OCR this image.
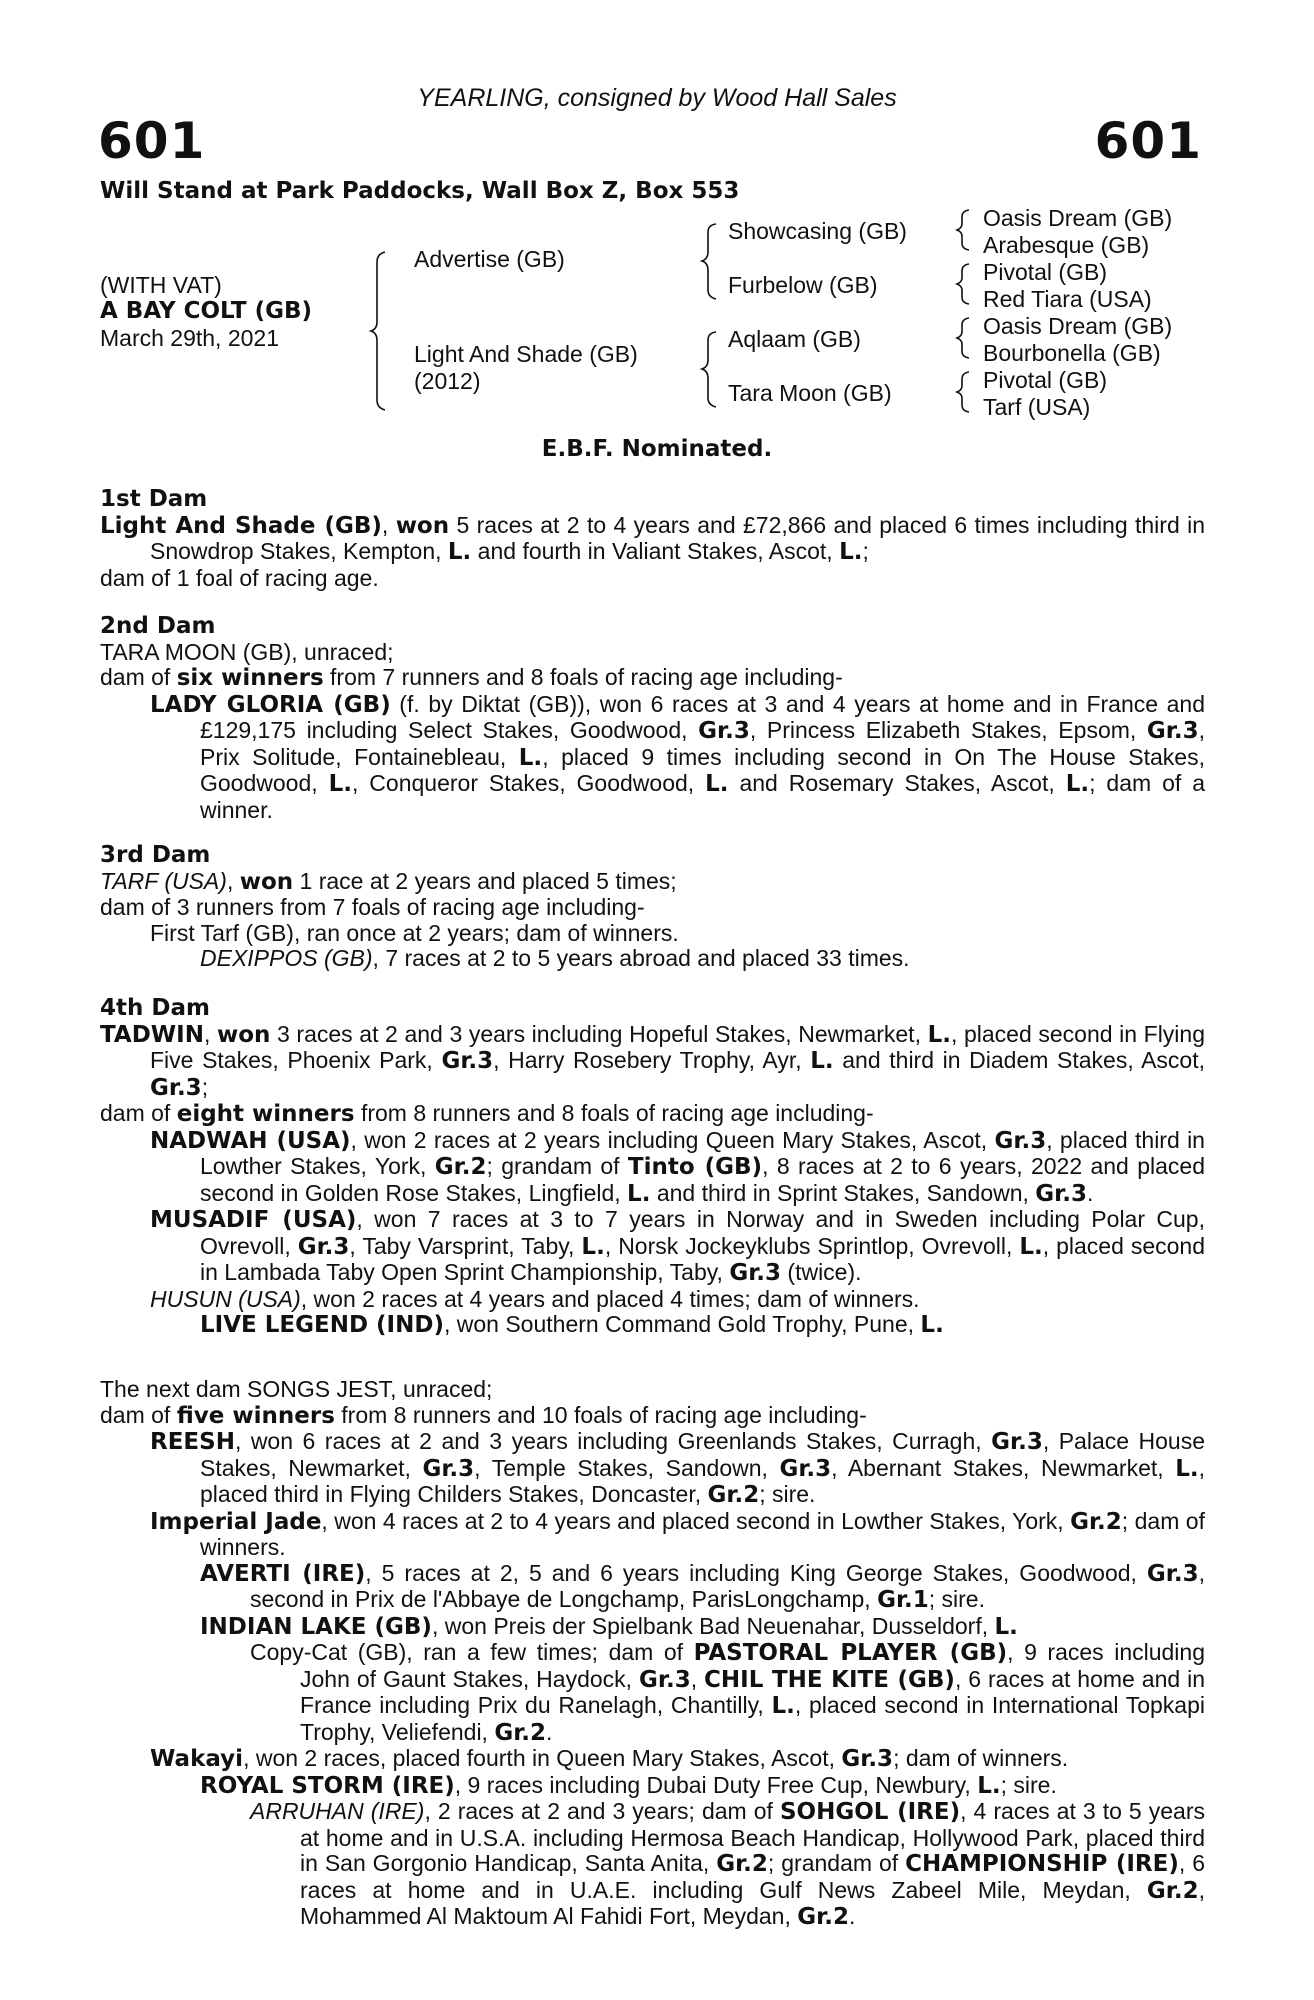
YEARLING, consigned by Wood Hall Sales
601	601
Will Stand at Park Paddocks, Wall Box Z, Box 553
(WITH VAT)
A BAY COLT (GB)
March 29th, 2021
Advertise (GB)
Light And Shade (GB)
(2012)
Showcasing (GB)
Furbelow (GB)
Aqlaam (GB)
Tara Moon (GB)
Oasis Dream (GB)
Arabesque (GB)
Pivotal (GB)
Red Tiara (USA)
Oasis Dream (GB)
Bourbonella (GB)
Pivotal (GB)
Tarf (USA)
E.B.F. Nominated.

1st Dam

Light And Shade (GB), won 5 races at 2 to 4 years and £72,866 and placed 6 times including third in Snowdrop Stakes, Kempton, L. and fourth in Valiant Stakes, Ascot, L.;

dam of 1 foal of racing age.

2nd Dam

TARA MOON (GB), unraced;

dam of six winners from 7 runners and 8 foals of racing age including-

LADY GLORIA (GB) (f. by Diktat (GB)), won 6 races at 3 and 4 years at home and in France and £129,175 including Select Stakes, Goodwood, Gr.3, Princess Elizabeth Stakes, Epsom, Gr.3, Prix Solitude, Fontainebleau, L., placed 9 times including second in On The House Stakes, Goodwood, L., Conqueror Stakes, Goodwood, L. and Rosemary Stakes, Ascot, L.; dam of a winner.

3rd Dam

TARF (USA), won 1 race at 2 years and placed 5 times;

dam of 3 runners from 7 foals of racing age including-

First Tarf (GB), ran once at 2 years; dam of winners.

DEXIPPOS (GB), 7 races at 2 to 5 years abroad and placed 33 times.

4th Dam

TADWIN, won 3 races at 2 and 3 years including Hopeful Stakes, Newmarket, L., placed second in Flying Five Stakes, Phoenix Park, Gr.3, Harry Rosebery Trophy, Ayr, L. and third in Diadem Stakes, Ascot, Gr.3;

dam of eight winners from 8 runners and 8 foals of racing age including-

NADWAH (USA), won 2 races at 2 years including Queen Mary Stakes, Ascot, Gr.3, placed third in Lowther Stakes, York, Gr.2; grandam of Tinto (GB), 8 races at 2 to 6 years, 2022 and placed second in Golden Rose Stakes, Lingfield, L. and third in Sprint Stakes, Sandown, Gr.3.

MUSADIF (USA), won 7 races at 3 to 7 years in Norway and in Sweden including Polar Cup, Ovrevoll, Gr.3, Taby Varsprint, Taby, L., Norsk Jockeyklubs Sprintlop, Ovrevoll, L., placed second in Lambada Taby Open Sprint Championship, Taby, Gr.3 (twice).

HUSUN (USA), won 2 races at 4 years and placed 4 times; dam of winners.

LIVE LEGEND (IND), won Southern Command Gold Trophy, Pune, L.

The next dam SONGS JEST, unraced;

dam of five winners from 8 runners and 10 foals of racing age including-

REESH, won 6 races at 2 and 3 years including Greenlands Stakes, Curragh, Gr.3, Palace House Stakes, Newmarket, Gr.3, Temple Stakes, Sandown, Gr.3, Abernant Stakes, Newmarket, L., placed third in Flying Childers Stakes, Doncaster, Gr.2; sire.

Imperial Jade, won 4 races at 2 to 4 years and placed second in Lowther Stakes, York, Gr.2; dam of winners.

AVERTI (IRE), 5 races at 2, 5 and 6 years including King George Stakes, Goodwood, Gr.3, second in Prix de l'Abbaye de Longchamp, ParisLongchamp, Gr.1; sire.

INDIAN LAKE (GB), won Preis der Spielbank Bad Neuenahar, Dusseldorf, L.

Copy-Cat (GB), ran a few times; dam of PASTORAL PLAYER (GB), 9 races including John of Gaunt Stakes, Haydock, Gr.3, CHIL THE KITE (GB), 6 races at home and in France including Prix du Ranelagh, Chantilly, L., placed second in International Topkapi Trophy, Veliefendi, Gr.2.

Wakayi, won 2 races, placed fourth in Queen Mary Stakes, Ascot, Gr.3; dam of winners.

ROYAL STORM (IRE), 9 races including Dubai Duty Free Cup, Newbury, L.; sire.

ARRUHAN (IRE), 2 races at 2 and 3 years; dam of SOHGOL (IRE), 4 races at 3 to 5 years at home and in U.S.A. including Hermosa Beach Handicap, Hollywood Park, placed third in San Gorgonio Handicap, Santa Anita, Gr.2; grandam of CHAMPIONSHIP (IRE), 6 races at home and in U.A.E. including Gulf News Zabeel Mile, Meydan, Gr.2, Mohammed Al Maktoum Al Fahidi Fort, Meydan, Gr.2.
